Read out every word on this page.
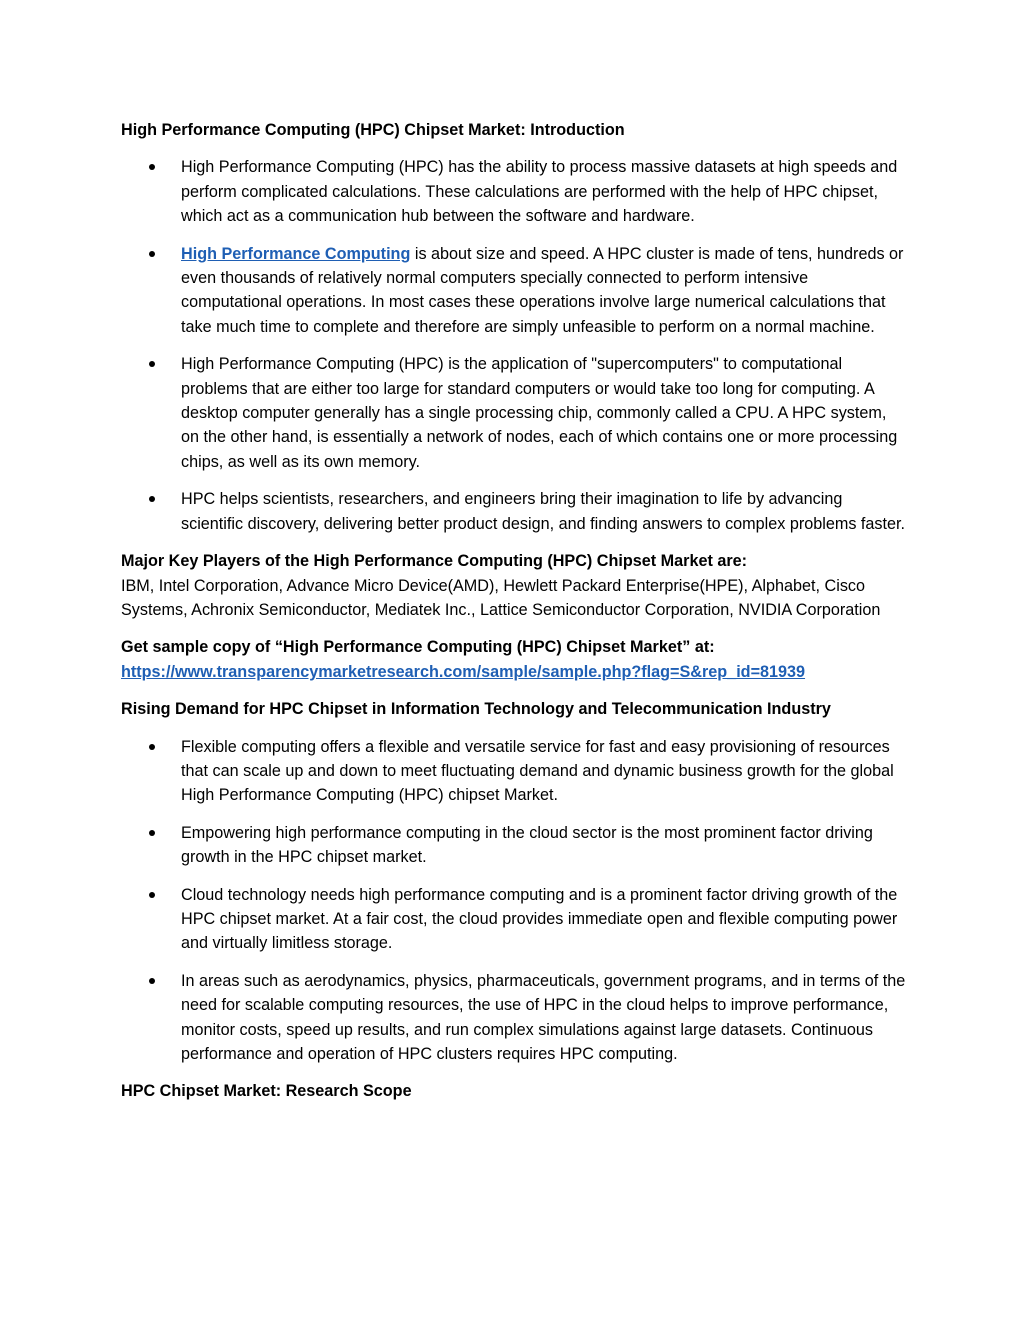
High Performance Computing (HPC) Chipset Market: Introduction

High Performance Computing (HPC) has the ability to process massive datasets at high speeds and perform complicated calculations. These calculations are performed with the help of HPC chipset, which act as a communication hub between the software and hardware.
High Performance Computing is about size and speed. A HPC cluster is made of tens, hundreds or even thousands of relatively normal computers specially connected to perform intensive computational operations. In most cases these operations involve large numerical calculations that take much time to complete and therefore are simply unfeasible to perform on a normal machine.
High Performance Computing (HPC) is the application of "supercomputers" to computational problems that are either too large for standard computers or would take too long for computing. A desktop computer generally has a single processing chip, commonly called a CPU. A HPC system, on the other hand, is essentially a network of nodes, each of which contains one or more processing chips, as well as its own memory.
HPC helps scientists, researchers, and engineers bring their imagination to life by advancing scientific discovery, delivering better product design, and finding answers to complex problems faster.

Major Key Players of the High Performance Computing (HPC) Chipset Market are:

IBM, Intel Corporation, Advance Micro Device(AMD), Hewlett Packard Enterprise(HPE), Alphabet, Cisco Systems, Achronix Semiconductor, Mediatek Inc., Lattice Semiconductor Corporation, NVIDIA Corporation

Get sample copy of “High Performance Computing (HPC) Chipset Market” at:

https://www.transparencymarketresearch.com/sample/sample.php?flag=S&rep_id=81939

Rising Demand for HPC Chipset in Information Technology and Telecommunication Industry

Flexible computing offers a flexible and versatile service for fast and easy provisioning of resources that can scale up and down to meet fluctuating demand and dynamic business growth for the global High Performance Computing (HPC) chipset Market.
Empowering high performance computing in the cloud sector is the most prominent factor driving growth in the HPC chipset market.
Cloud technology needs high performance computing and is a prominent factor driving growth of the HPC chipset market. At a fair cost, the cloud provides immediate open and flexible computing power and virtually limitless storage.
In areas such as aerodynamics, physics, pharmaceuticals, government programs, and in terms of the need for scalable computing resources, the use of HPC in the cloud helps to improve performance, monitor costs, speed up results, and run complex simulations against large datasets. Continuous performance and operation of HPC clusters requires HPC computing.

HPC Chipset Market: Research Scope
